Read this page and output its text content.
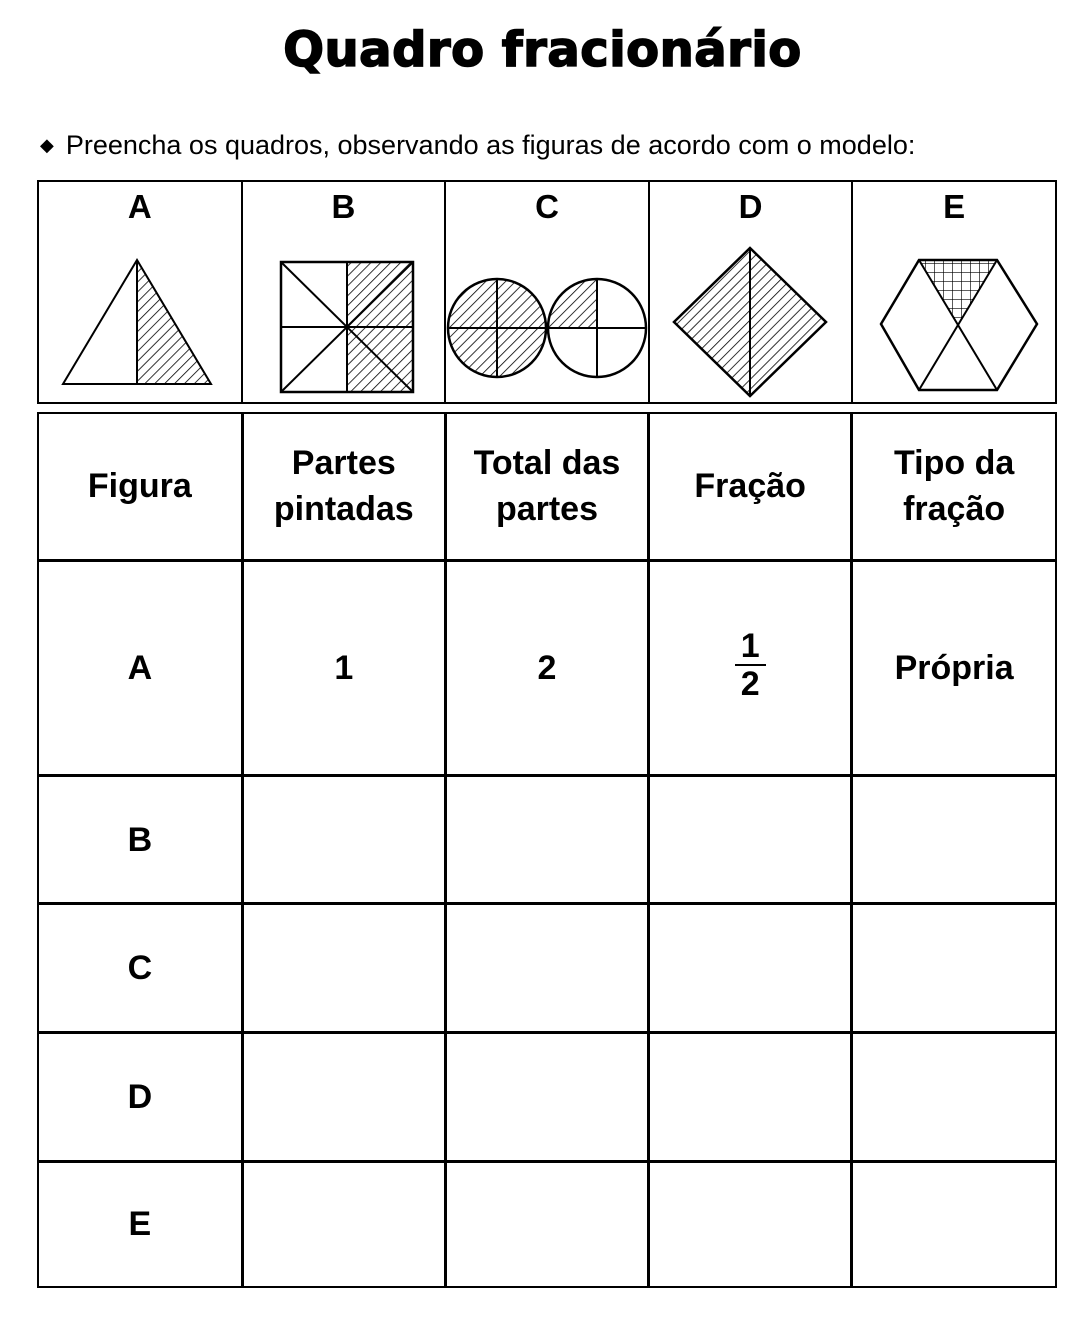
Quadro fracionário
◆ Preencha os quadros, observando as figuras de acordo com o modelo:
A	B	C	D	E
Figura	Partes pintadas	Total das partes	Fração	Tipo da fração
A	1	2	$\frac{1}{2}$	Própria
B				
C				
D				
E				
